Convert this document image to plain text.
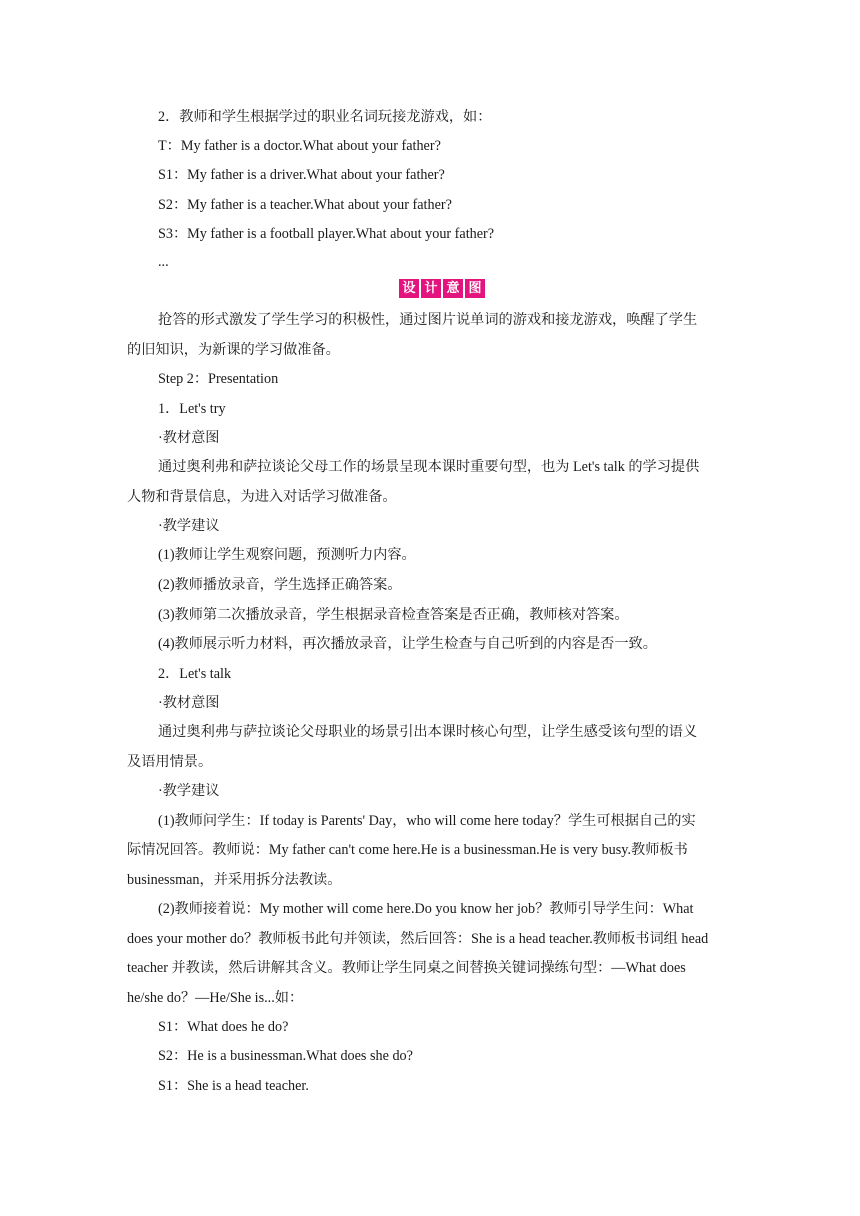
2．教师和学生根据学过的职业名词玩接龙游戏，如：
T：My father is a doctor.What about your father?
S1：My father is a driver.What about your father?
S2：My father is a teacher.What about your father?
S3：My father is a football player.What about your father?
...
设 计 意 图
抢答的形式激发了学生学习的积极性，通过图片说单词的游戏和接龙游戏，唤醒了学生
的旧知识，为新课的学习做准备。
Step 2：Presentation
1．Let's try
·教材意图
通过奥利弗和萨拉谈论父母工作的场景呈现本课时重要句型，也为 Let's talk 的学习提供
人物和背景信息，为进入对话学习做准备。
·教学建议
(1)教师让学生观察问题，预测听力内容。
(2)教师播放录音，学生选择正确答案。
(3)教师第二次播放录音，学生根据录音检查答案是否正确，教师核对答案。
(4)教师展示听力材料，再次播放录音，让学生检查与自己听到的内容是否一致。
2．Let's talk
·教材意图
通过奥利弗与萨拉谈论父母职业的场景引出本课时核心句型，让学生感受该句型的语义
及语用情景。
·教学建议
(1)教师问学生：If today is Parents' Day，who will come here today？学生可根据自己的实
际情况回答。教师说：My father can't come here.He is a businessman.He is very busy.教师板书
businessman，并采用拆分法教读。
(2)教师接着说：My mother will come here.Do you know her job？教师引导学生问：What
does your mother do？教师板书此句并领读，然后回答：She is a head teacher.教师板书词组 head
teacher 并教读，然后讲解其含义。教师让学生同桌之间替换关键词操练句型：—What does
he/she do？—He/She is...如：
S1：What does he do?
S2：He is a businessman.What does she do?
S1：She is a head teacher.
